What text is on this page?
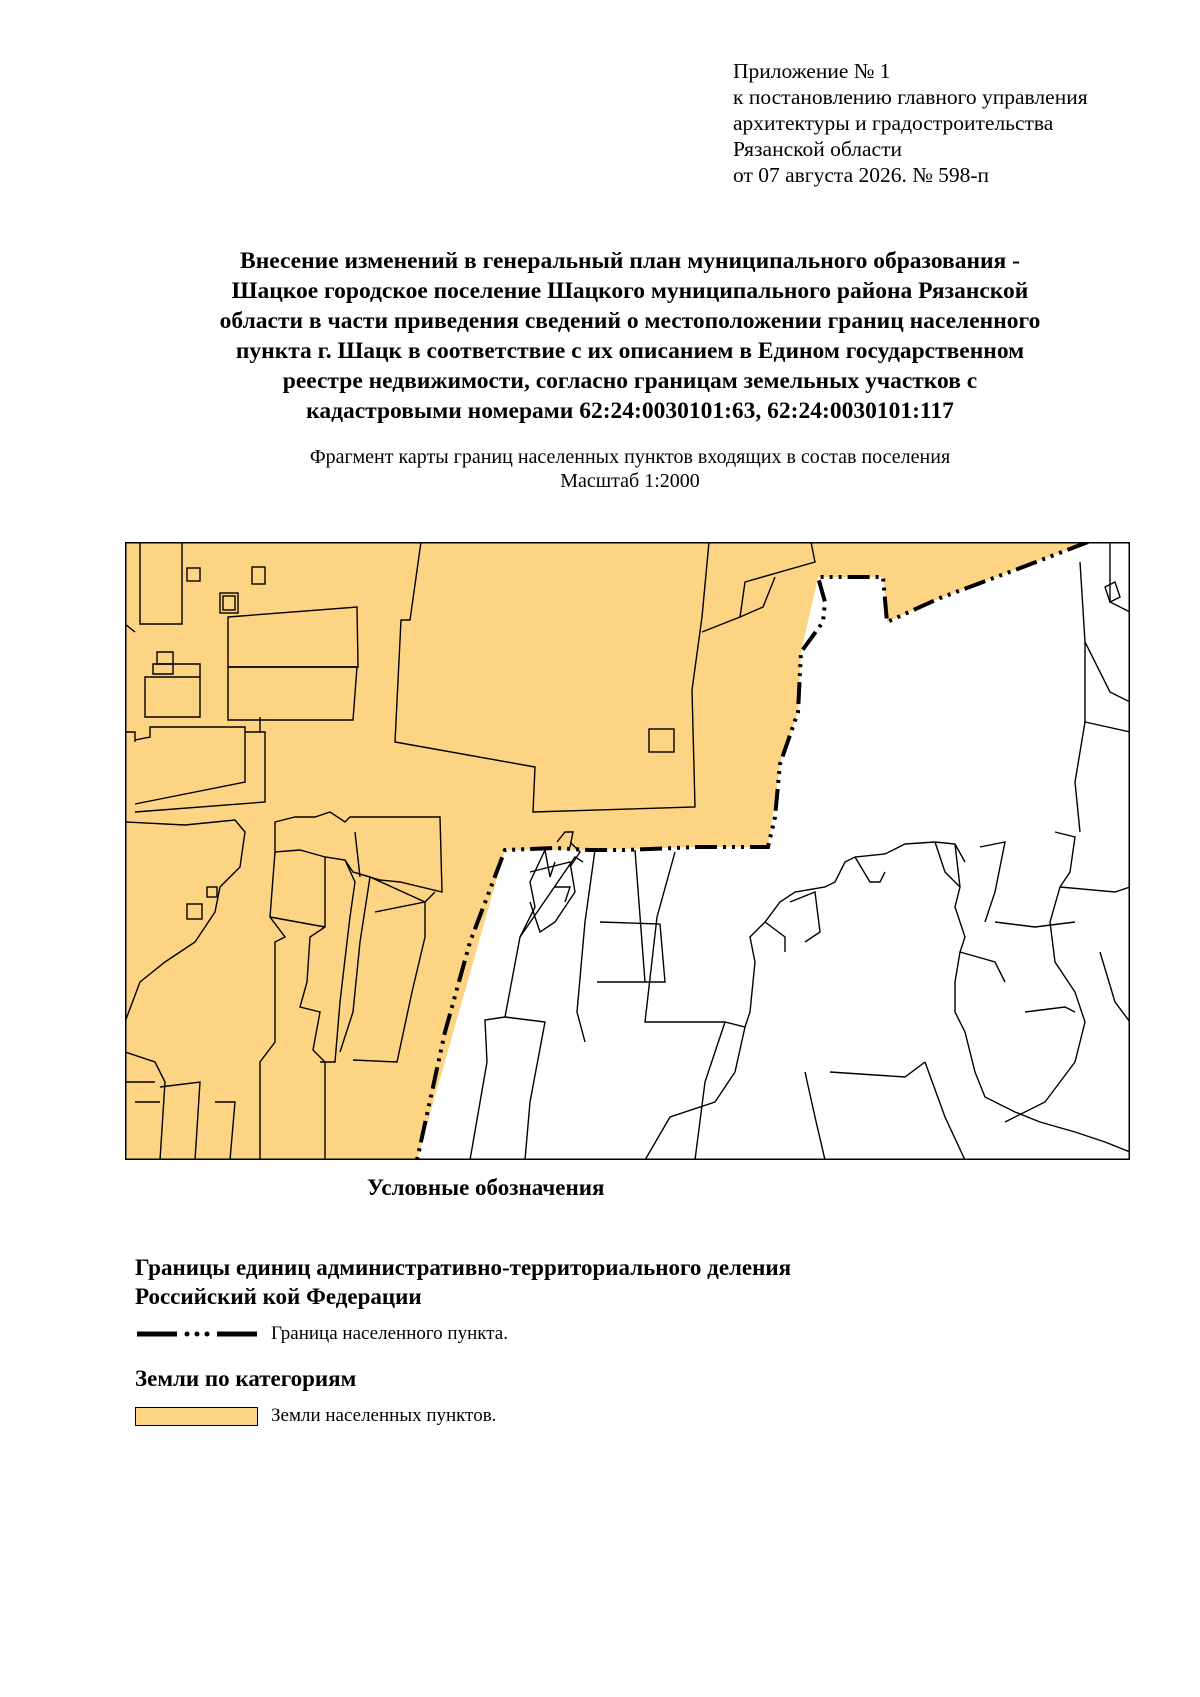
Приложение № 1
к постановлению главного управления
архитектуры и градостроительства
Рязанской области
от 07 августа 2026. № 598-п
Внесение изменений в генеральный план муниципального образования -
Шацкое городское поселение Шацкого муниципального района Рязанской
области в части приведения сведений о местоположении границ населенного
пункта г. Шацк в соответствие с их описанием в Едином государственном
реестре недвижимости, согласно границам земельных участков с
кадастровыми номерами 62:24:0030101:63, 62:24:0030101:117
Фрагмент карты границ населенных пунктов входящих в состав поселения
Масштаб 1:2000
Условные обозначения
Границы единиц административно-территориального деления
Российский кой Федерации
Граница населенного пункта.
Земли по категориям
Земли населенных пунктов.
